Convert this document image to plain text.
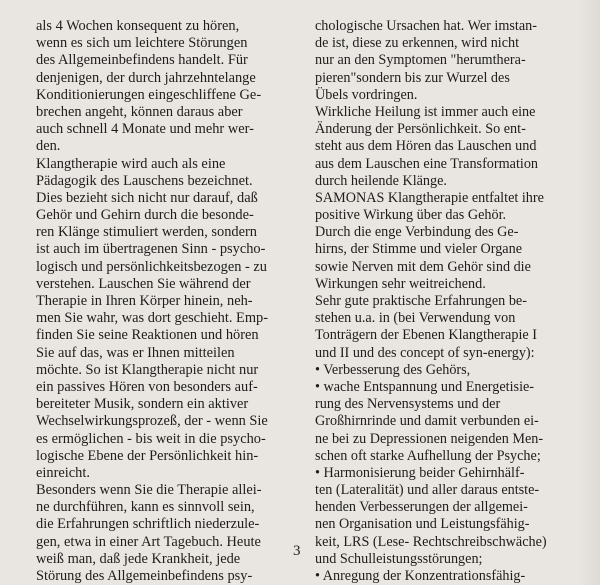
als 4 Wochen konsequent zu hören,
wenn es sich um leichtere Störungen
des Allgemeinbefindens handelt. Für
denjenigen, der durch jahrzehntelange
Konditionierungen eingeschliffene Ge-
brechen angeht, können daraus aber
auch schnell 4 Monate und mehr wer-
den.
Klangtherapie wird auch als eine
Pädagogik des Lauschens bezeichnet.
Dies bezieht sich nicht nur darauf, daß
Gehör und Gehirn durch die besonde-
ren Klänge stimuliert werden, sondern
ist auch im übertragenen Sinn - psycho-
logisch und persönlichkeitsbezogen - zu
verstehen. Lauschen Sie während der
Therapie in Ihren Körper hinein, neh-
men Sie wahr, was dort geschieht. Emp-
finden Sie seine Reaktionen und hören
Sie auf das, was er Ihnen mitteilen
möchte. So ist Klangtherapie nicht nur
ein passives Hören von besonders auf-
bereiteter Musik, sondern ein aktiver
Wechselwirkungsprozeß, der - wenn Sie
es ermöglichen - bis weit in die psycho-
logische Ebene der Persönlichkeit hin-
einreicht.
Besonders wenn Sie die Therapie allei-
ne durchführen, kann es sinnvoll sein,
die Erfahrungen schriftlich niederzule-
gen, etwa in einer Art Tagebuch. Heute
weiß man, daß jede Krankheit, jede
Störung des Allgemeinbefindens psy-
chologische Ursachen hat. Wer imstan-
de ist, diese zu erkennen, wird nicht
nur an den Symptomen "herumthera-
pieren"sondern bis zur Wurzel des
Übels vordringen.
Wirkliche Heilung ist immer auch eine
Änderung der Persönlichkeit. So ent-
steht aus dem Hören das Lauschen und
aus dem Lauschen eine Transformation
durch heilende Klänge.
SAMONAS Klangtherapie entfaltet ihre
positive Wirkung über das Gehör.
Durch die enge Verbindung des Ge-
hirns, der Stimme und vieler Organe
sowie Nerven mit dem Gehör sind die
Wirkungen sehr weitreichend.
Sehr gute praktische Erfahrungen be-
stehen u.a. in (bei Verwendung von
Tonträgern der Ebenen Klangtherapie I
und II und des concept of syn-energy):
• Verbesserung des Gehörs,
• wache Entspannung und Energetisie-
rung des Nervensystems und der
Großhirnrinde und damit verbunden ei-
ne bei zu Depressionen neigenden Men-
schen oft starke Aufhellung der Psyche;
• Harmonisierung beider Gehirnhälf-
ten (Lateralität) und aller daraus entste-
henden Verbesserungen der allgemei-
nen Organisation und Leistungsfähig-
keit, LRS (Lese- Rechtschreibschwäche)
und Schulleistungsstörungen;
• Anregung der Konzentrationsfähig-
3
